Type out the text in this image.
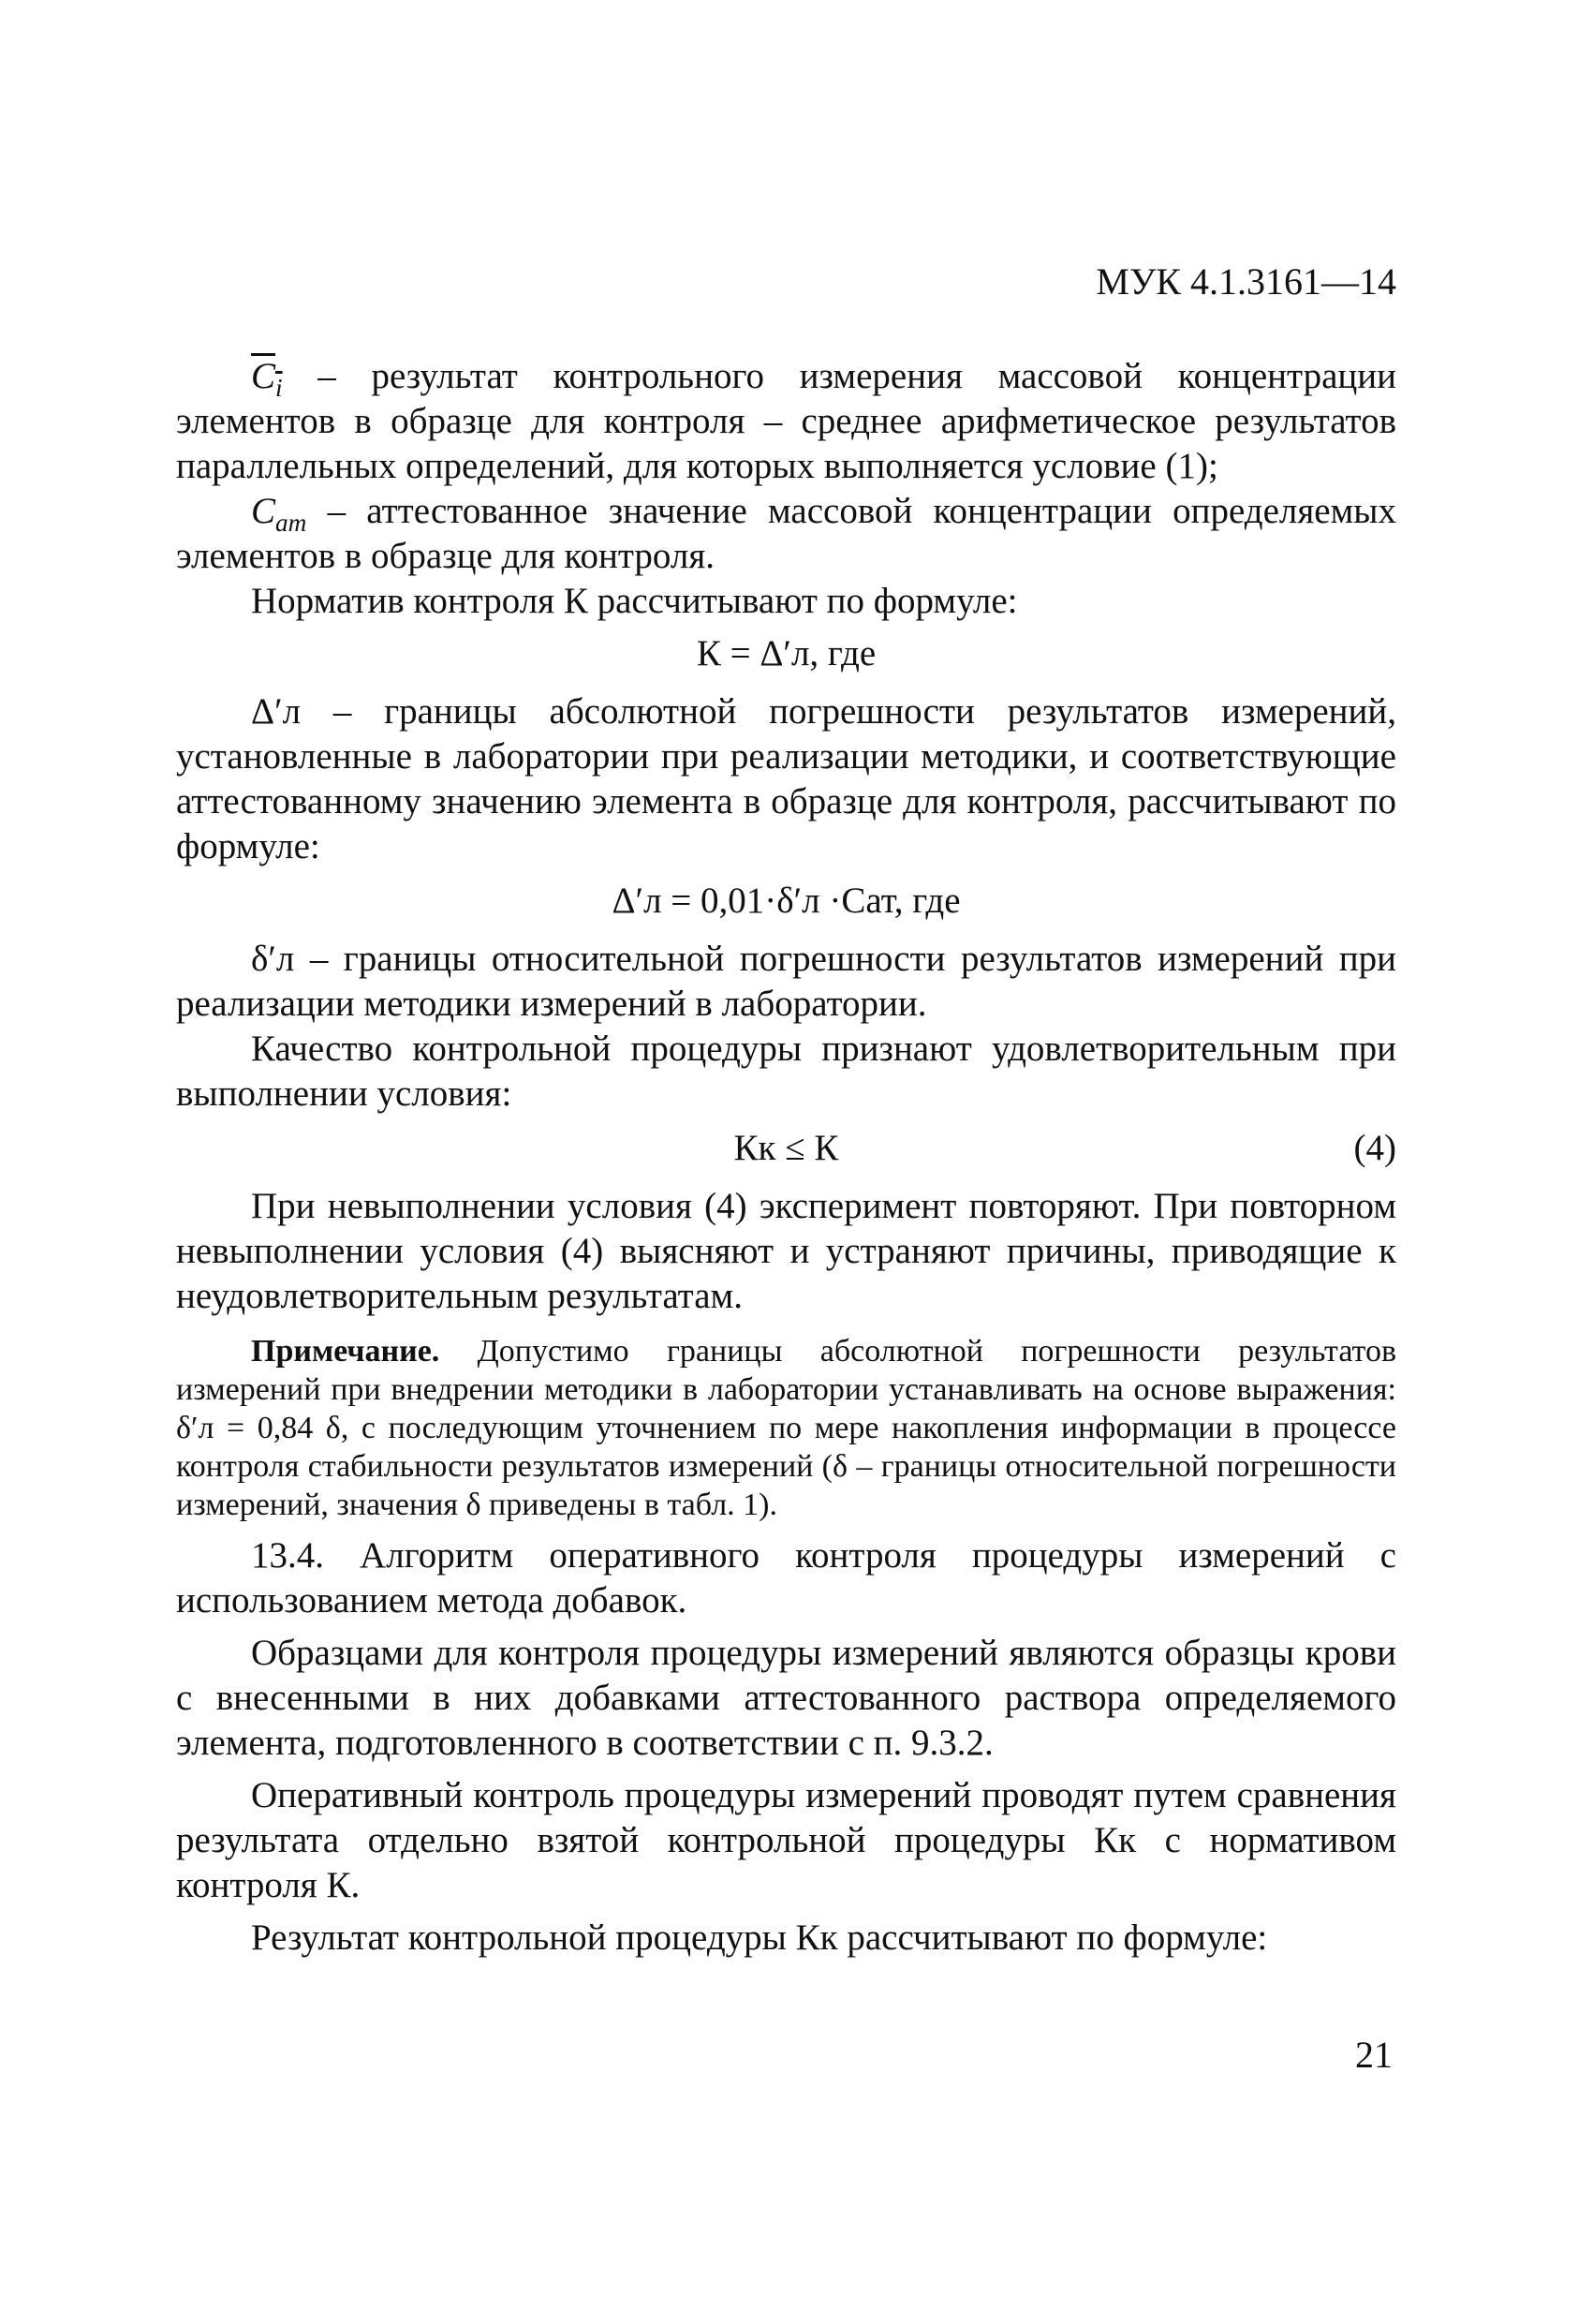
МУК 4.1.3161—14

$C_i$ – результат контрольного измерения массовой концентрации элементов в образце для контроля – среднее арифметическое результатов параллельных определений, для которых выполняется условие (1);

$C_{ат}$ – аттестованное значение массовой концентрации определяемых элементов в образце для контроля.

Норматив контроля К рассчитывают по формуле:

К = Δ′л, где

Δ′л – границы абсолютной погрешности результатов измерений, установленные в лаборатории при реализации методики, и соответствующие аттестованному значению элемента в образце для контроля, рассчитывают по формуле:

Δ′л = 0,01·δ′л ·Сат, где

δ′л – границы относительной погрешности результатов измерений при реализации методики измерений в лаборатории.

Качество контрольной процедуры признают удовлетворительным при выполнении условия:

Кк ≤ К	(4)

При невыполнении условия (4) эксперимент повторяют. При повторном невыполнении условия (4) выясняют и устраняют причины, приводящие к неудовлетворительным результатам.

Примечание. Допустимо границы абсолютной погрешности результатов измерений при внедрении методики в лаборатории устанавливать на основе выражения: δ′л = 0,84 δ, с последующим уточнением по мере накопления информации в процессе контроля стабильности результатов измерений (δ – границы относительной погрешности измерений, значения δ приведены в табл. 1).

13.4. Алгоритм оперативного контроля процедуры измерений с использованием метода добавок.

Образцами для контроля процедуры измерений являются образцы крови с внесенными в них добавками аттестованного раствора определяемого элемента, подготовленного в соответствии с п. 9.3.2.

Оперативный контроль процедуры измерений проводят путем сравнения результата отдельно взятой контрольной процедуры Кк с нормативом контроля К.

Результат контрольной процедуры Кк рассчитывают по формуле:

21
